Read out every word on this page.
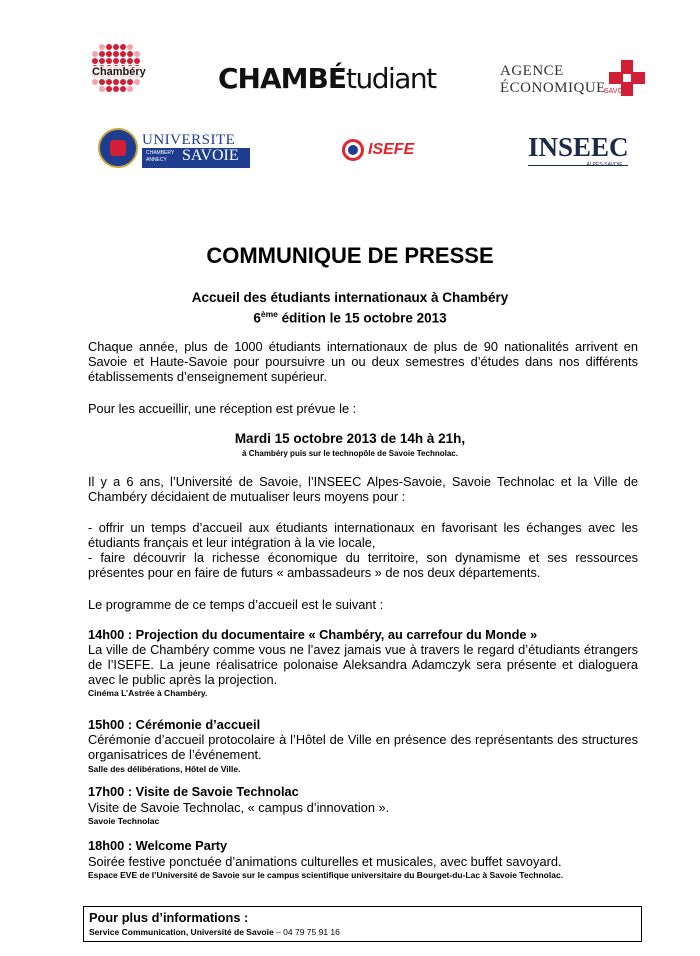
Chambéry	CHAMBÉtudiant	AGENCE
ÉCONOMIQUE
SAVOIE
UNIVERSITE
CHAMBERY ANNECY SAVOIE	ISEFE	INSEEC
ALPES-SAVOIE
COMMUNIQUE DE PRESSE
Accueil des étudiants internationaux à Chambéry
6ème édition le 15 octobre 2013
Chaque année, plus de 1000 étudiants internationaux de plus de 90 nationalités arrivent en Savoie et Haute-Savoie pour poursuivre un ou deux semestres d’études dans nos différents établissements d’enseignement supérieur.
Pour les accueillir, une réception est prévue le :
Mardi 15 octobre 2013 de 14h à 21h,
à Chambéry puis sur le technopôle de Savoie Technolac.
Il y a 6 ans, l’Université de Savoie, l’INSEEC Alpes-Savoie, Savoie Technolac et la Ville de Chambéry décidaient de mutualiser leurs moyens pour :
- offrir un temps d’accueil aux étudiants internationaux en favorisant les échanges avec les étudiants français et leur intégration à la vie locale,
- faire découvrir la richesse économique du territoire, son dynamisme et ses ressources présentes pour en faire de futurs « ambassadeurs » de nos deux départements.
Le programme de ce temps d’accueil est le suivant :
14h00 : Projection du documentaire « Chambéry, au carrefour du Monde »
La ville de Chambéry comme vous ne l’avez jamais vue à travers le regard d’étudiants étrangers de l’ISEFE. La jeune réalisatrice polonaise Aleksandra Adamczyk sera présente et dialoguera avec le public après la projection.
Cinéma L’Astrée à Chambéry.
15h00 : Cérémonie d’accueil
Cérémonie d’accueil protocolaire à l’Hôtel de Ville en présence des représentants des structures organisatrices de l’événement.
Salle des délibérations, Hôtel de Ville.
17h00 : Visite de Savoie Technolac
Visite de Savoie Technolac, « campus d’innovation ».
Savoie Technolac
18h00 : Welcome Party
Soirée festive ponctuée d’animations culturelles et musicales, avec buffet savoyard.
Espace EVE de l’Université de Savoie sur le campus scientifique universitaire du Bourget-du-Lac à Savoie Technolac.
Pour plus d’informations :
Service Communication, Université de Savoie – 04 79 75 91 16
